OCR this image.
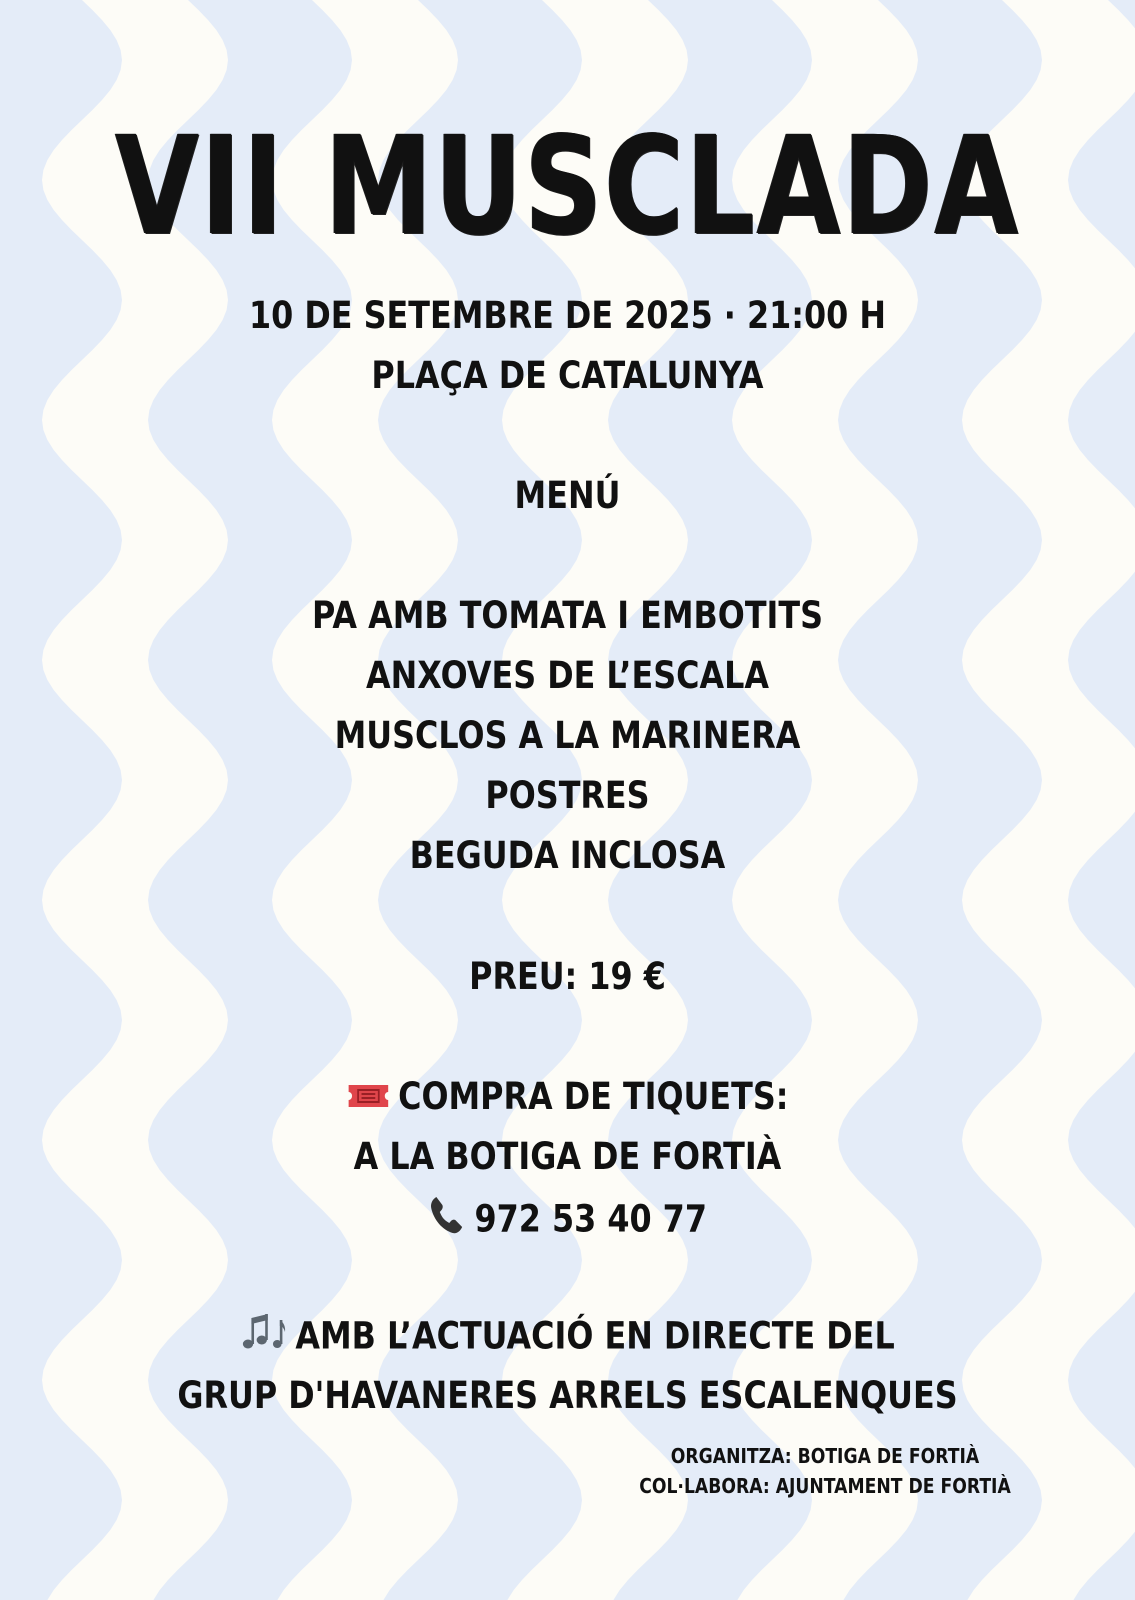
VII MUSCLADA
10 DE SETEMBRE DE 2025 · 21:00 H
PLAÇA DE CATALUNYA
MENÚ
PA AMB TOMATA I EMBOTITS
ANXOVES DE L’ESCALA
MUSCLOS A LA MARINERA
POSTRES
BEGUDA INCLOSA
PREU: 19 €
COMPRA DE TIQUETS:
A LA BOTIGA DE FORTIÀ
972 53 40 77
AMB L’ACTUACIÓ EN DIRECTE DEL
GRUP D'HAVANERES ARRELS ESCALENQUES
ORGANITZA: BOTIGA DE FORTIÀ
COL·LABORA: AJUNTAMENT DE FORTIÀ
